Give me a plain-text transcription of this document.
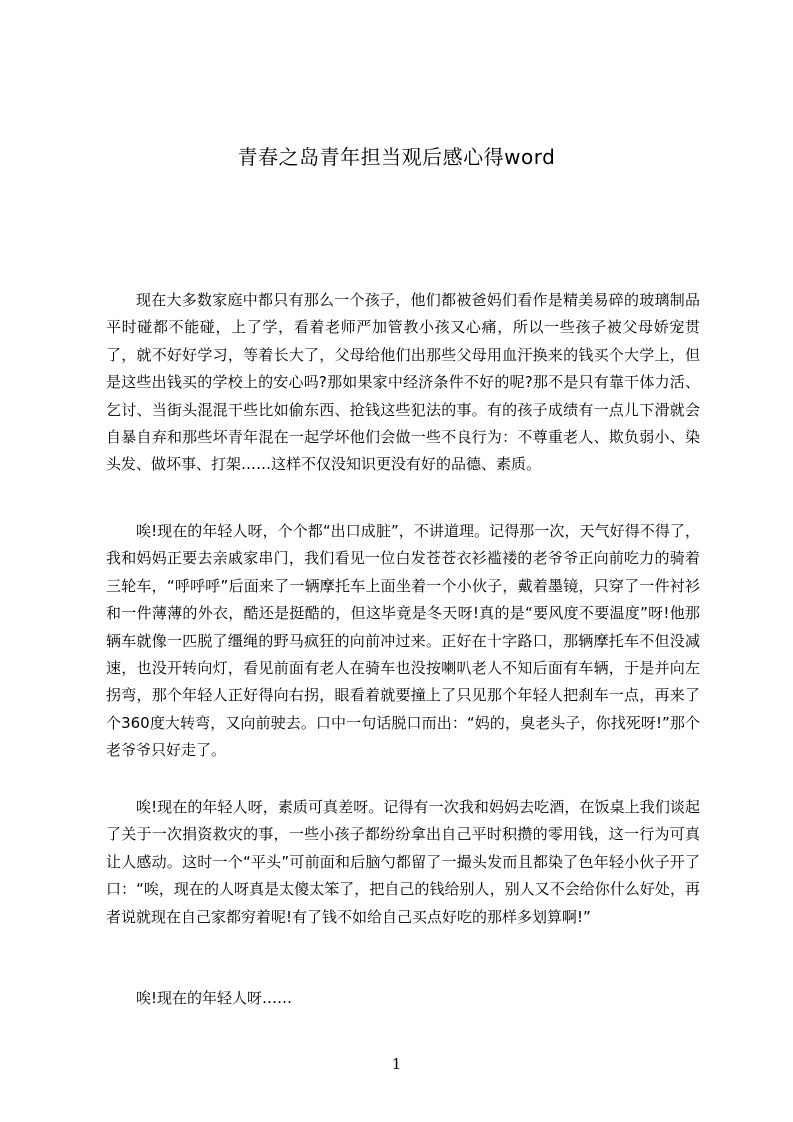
青春之岛青年担当观后感心得word

现在大多数家庭中都只有那么一个孩子，他们都被爸妈们看作是精美易碎的玻璃制品平时碰都不能碰，上了学，看着老师严加管教小孩又心痛，所以一些孩子被父母娇宠贯了，就不好好学习，等着长大了，父母给他们出那些父母用血汗换来的钱买个大学上，但是这些出钱买的学校上的安心吗?那如果家中经济条件不好的呢?那不是只有靠干体力活、乞讨、当街头混混干些比如偷东西、抢钱这些犯法的事。有的孩子成绩有一点儿下滑就会自暴自弃和那些坏青年混在一起学坏他们会做一些不良行为：不尊重老人、欺负弱小、染头发、做坏事、打架……这样不仅没知识更没有好的品德、素质。

唉!现在的年轻人呀，个个都“出口成脏”，不讲道理。记得那一次，天气好得不得了，我和妈妈正要去亲戚家串门，我们看见一位白发苍苍衣衫褴褛的老爷爷正向前吃力的骑着三轮车，“呼呼呼”后面来了一辆摩托车上面坐着一个小伙子，戴着墨镜，只穿了一件衬衫和一件薄薄的外衣，酷还是挺酷的，但这毕竟是冬天呀!真的是“要风度不要温度”呀!他那辆车就像一匹脱了缰绳的野马疯狂的向前冲过来。正好在十字路口，那辆摩托车不但没减速，也没开转向灯，看见前面有老人在骑车也没按喇叭老人不知后面有车辆，于是并向左拐弯，那个年轻人正好得向右拐，眼看着就要撞上了只见那个年轻人把刹车一点，再来了个360度大转弯，又向前驶去。口中一句话脱口而出：“妈的，臭老头子，你找死呀!”那个老爷爷只好走了。

唉!现在的年轻人呀，素质可真差呀。记得有一次我和妈妈去吃酒，在饭桌上我们谈起了关于一次捐资救灾的事，一些小孩子都纷纷拿出自己平时积攒的零用钱，这一行为可真让人感动。这时一个“平头”可前面和后脑勺都留了一撮头发而且都染了色年轻小伙子开了口：“唉，现在的人呀真是太傻太笨了，把自己的钱给别人，别人又不会给你什么好处，再者说就现在自己家都穷着呢!有了钱不如给自己买点好吃的那样多划算啊!”

唉!现在的年轻人呀……

1
